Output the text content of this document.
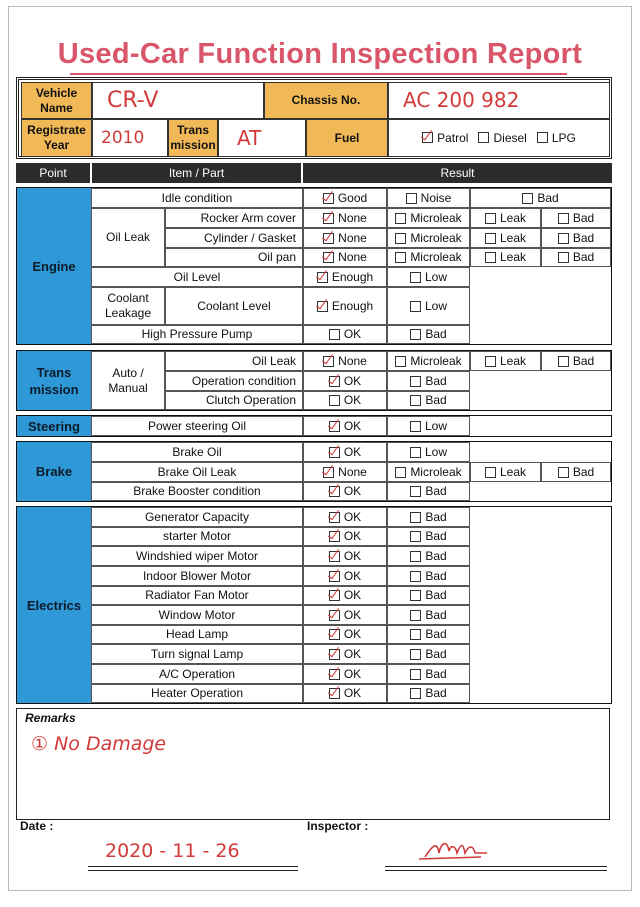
Used-Car Function Inspection Report
Vehicle Name	CR-V	Chassis No.	AC 200 982
Registrate Year	2010	Trans mission	AT	Fuel	Patrol	Diesel	LPG
Point	Item / Part	Result
Engine
Idle condition	Good	Noise	Bad
Oil Leak
Rocker Arm cover	None	Microleak	Leak	Bad
Cylinder / Gasket	None	Microleak	Leak	Bad
Oil pan	None	Microleak	Leak	Bad
Oil Level	Enough	Low
Coolant Leakage
Coolant Level	Enough	Low
High Pressure Pump	OK	Bad
Trans mission
Auto / Manual
Oil Leak	None	Microleak	Leak	Bad
Operation condition	OK	Bad
Clutch Operation	OK	Bad
Steering	Power steering Oil	OK	Low
Brake
Brake Oil	OK	Low
Brake Oil Leak	None	Microleak	Leak	Bad
Brake Booster condition	OK	Bad
Electrics
Generator Capacity	OK	Bad
starter Motor	OK	Bad
Windshied wiper Motor	OK	Bad
Indoor Blower Motor	OK	Bad
Radiator Fan Motor	OK	Bad
Window Motor	OK	Bad
Head Lamp	OK	Bad
Turn signal Lamp	OK	Bad
A/C Operation	OK	Bad
Heater Operation	OK	Bad
Remarks
① No Damage
Date :
2020 - 11 - 26
Inspector :
